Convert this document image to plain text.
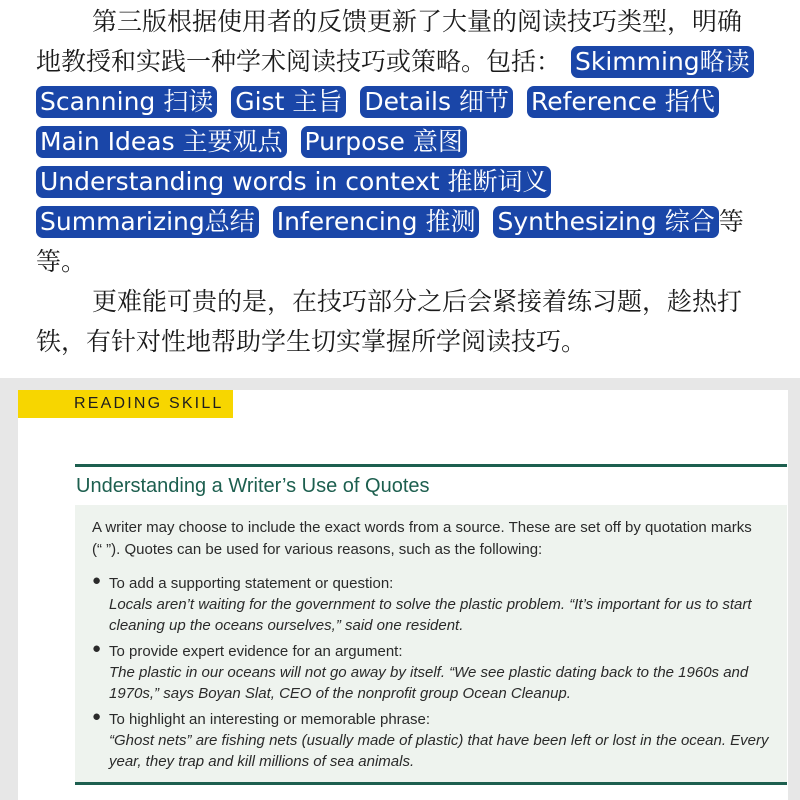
第三版根据使用者的反馈更新了大量的阅读技巧类型，明确
地教授和实践一种学术阅读技巧或策略。包括： Skimming略读
Scanning 扫读 Gist 主旨 Details 细节 Reference 指代
Main Ideas 主要观点 Purpose 意图
Understanding words in context 推断词义
Summarizing总结 Inferencing 推测 Synthesizing 综合 等
等。
更难能可贵的是，在技巧部分之后会紧接着练习题，趁热打
铁，有针对性地帮助学生切实掌握所学阅读技巧。
READING SKILL
Understanding a Writer’s Use of Quotes
A writer may choose to include the exact words from a source. These are set off by quotation marks
(“ ”). Quotes can be used for various reasons, such as the following:
● To add a supporting statement or question:
Locals aren’t waiting for the government to solve the plastic problem. “It’s important for us to start
cleaning up the oceans ourselves,” said one resident.
● To provide expert evidence for an argument:
The plastic in our oceans will not go away by itself. “We see plastic dating back to the 1960s and
1970s,” says Boyan Slat, CEO of the nonprofit group Ocean Cleanup.
● To highlight an interesting or memorable phrase:
“Ghost nets” are fishing nets (usually made of plastic) that have been left or lost in the ocean. Every
year, they trap and kill millions of sea animals.
